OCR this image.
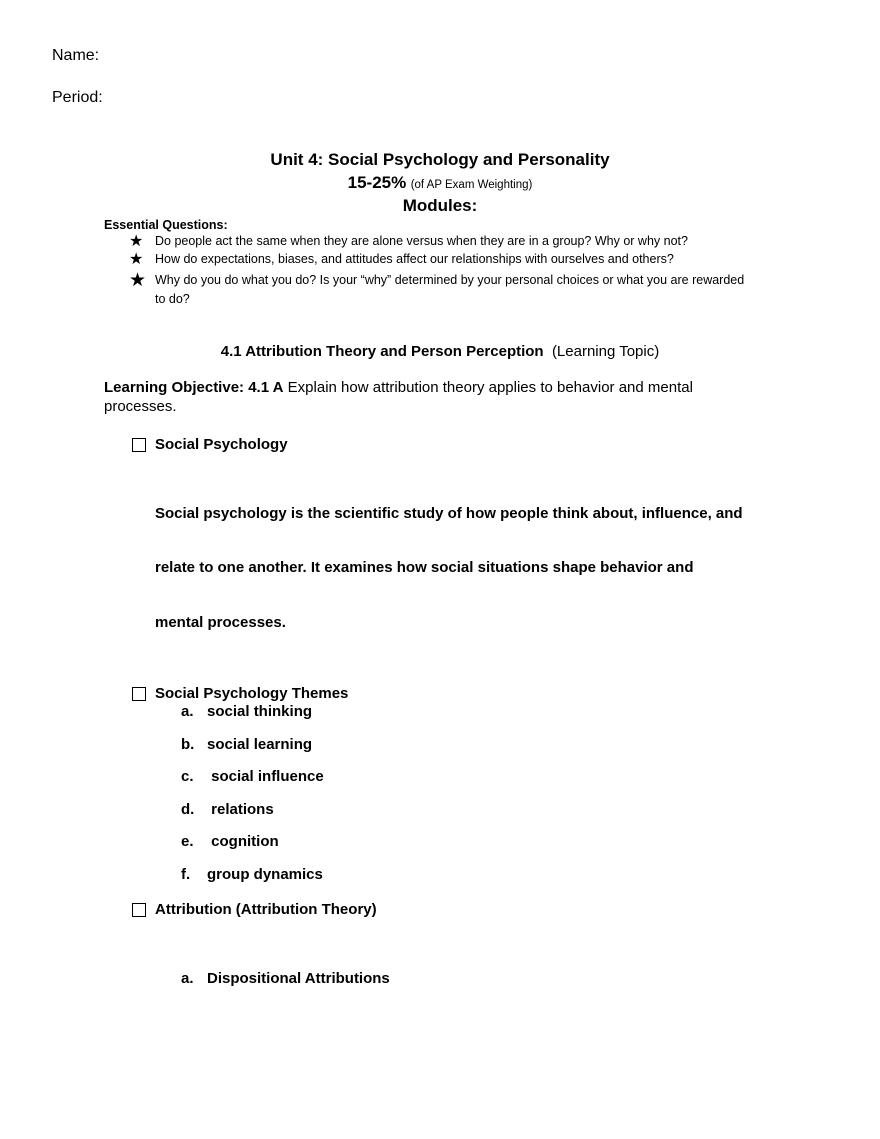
Name:
Period:
Unit 4: Social Psychology and Personality
15-25% (of AP Exam Weighting)
Modules:
Essential Questions:
★ Do people act the same when they are alone versus when they are in a group? Why or why not?
★ How do expectations, biases, and attitudes affect our relationships with ourselves and others?
★ Why do you do what you do? Is your “why” determined by your personal choices or what you are rewarded
to do?
4.1 Attribution Theory and Person Perception (Learning Topic)
Learning Objective: 4.1 A Explain how attribution theory applies to behavior and mental
processes.
Social Psychology
Social psychology is the scientific study of how people think about, influence, and
relate to one another. It examines how social situations shape behavior and
mental processes.
Social Psychology Themes
a. social thinking
b. social learning
c. social influence
d. relations
e. cognition
f. group dynamics
Attribution (Attribution Theory)
a. Dispositional Attributions
